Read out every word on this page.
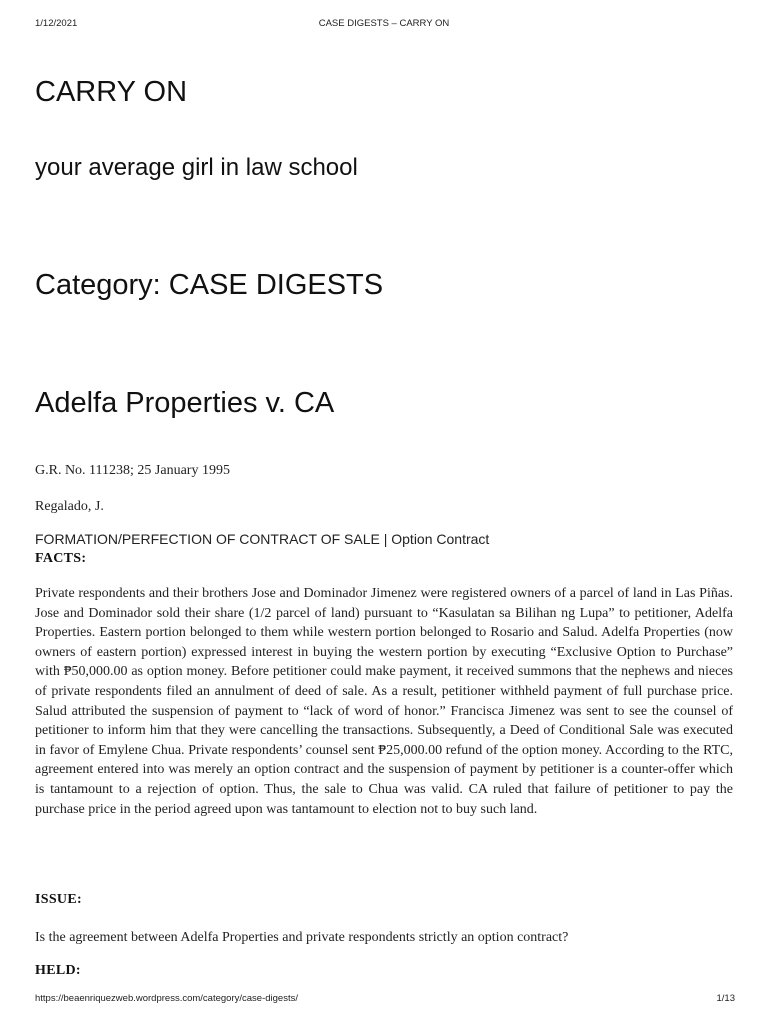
1/12/2021	CASE DIGESTS – CARRY ON
CARRY ON
your average girl in law school
Category: CASE DIGESTS
Adelfa Properties v. CA
G.R. No. 111238; 25 January 1995
Regalado, J.
FORMATION/PERFECTION OF CONTRACT OF SALE | Option Contract
FACTS:

Private respondents and their brothers Jose and Dominador Jimenez were registered owners of a parcel of land in Las Piñas. Jose and Dominador sold their share (1/2 parcel of land) pursuant to “Kasulatan sa Bilihan ng Lupa” to petitioner, Adelfa Properties. Eastern portion belonged to them while western portion belonged to Rosario and Salud. Adelfa Properties (now owners of eastern portion) expressed interest in buying the western portion by executing “Exclusive Option to Purchase” with ₱50,000.00 as option money. Before petitioner could make payment, it received summons that the nephews and nieces of private respondents filed an annulment of deed of sale. As a result, petitioner withheld payment of full purchase price. Salud attributed the suspension of payment to “lack of word of honor.” Francisca Jimenez was sent to see the counsel of petitioner to inform him that they were cancelling the transactions. Subsequently, a Deed of Conditional Sale was executed in favor of Emylene Chua. Private respondents’ counsel sent ₱25,000.00 refund of the option money. According to the RTC, agreement entered into was merely an option contract and the suspension of payment by petitioner is a counter-offer which is tantamount to a rejection of option. Thus, the sale to Chua was valid. CA ruled that failure of petitioner to pay the purchase price in the period agreed upon was tantamount to election not to buy such land.

ISSUE:

Is the agreement between Adelfa Properties and private respondents strictly an option contract?

HELD:
https://beaenriquezweb.wordpress.com/category/case-digests/	1/13
